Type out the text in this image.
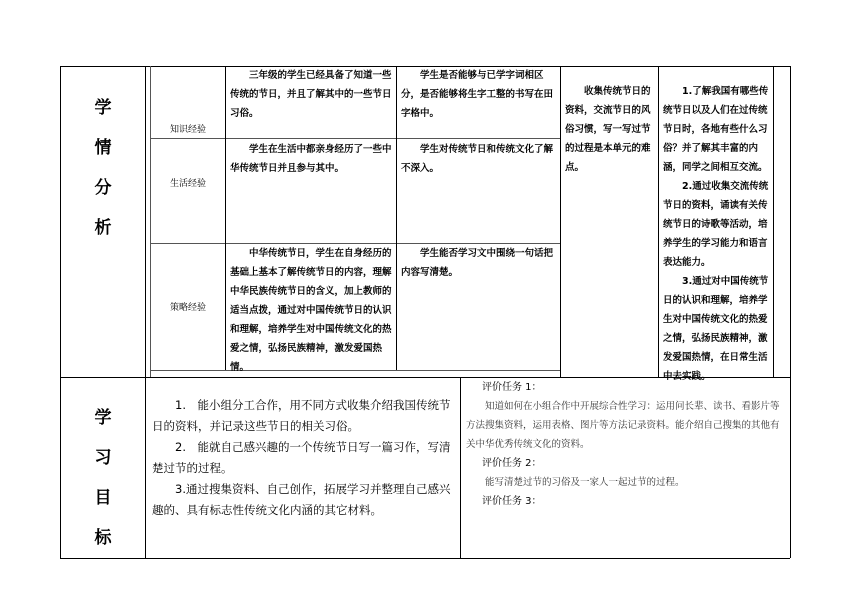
学
情
分
析
知识经验
生活经验
策略经验
三年级的学生已经具备了知道一些传统的节日，并且了解其中的一些节日习俗。
学生在生活中都亲身经历了一些中华传统节日并且参与其中。
中华传统节日，学生在自身经历的基础上基本了解传统节日的内容，理解中华民族传统节日的含义，加上教师的适当点拨，通过对中国传统节日的认识和理解，培养学生对中国传统文化的热爱之情，弘扬民族精神，激发爱国热情。
学生是否能够与已学字词相区分，是否能够将生字工整的书写在田字格中。
学生对传统节日和传统文化了解不深入。
学生能否学习文中围绕一句话把内容写清楚。
收集传统节日的资料，交流节日的风俗习惯，写一写过节的过程是本单元的难点。
1.了解我国有哪些传统节日以及人们在过传统节日时，各地有些什么习俗？并了解其丰富的内涵，同学之间相互交流。
2.通过收集交流传统节日的资料，诵读有关传统节日的诗歌等活动，培养学生的学习能力和语言表达能力。
3.通过对中国传统节日的认识和理解，培养学生对中国传统文化的热爱之情，弘扬民族精神，激发爱国热情，在日常生活中去实践。
学
习
目
标
1.　能小组分工合作，用不同方式收集介绍我国传统节日的资料，并记录这些节日的相关习俗。
2.　能就自己感兴趣的一个传统节日写一篇习作，写清楚过节的过程。
3.通过搜集资料、自己创作，拓展学习并整理自己感兴趣的、具有标志性传统文化内涵的其它材料。
评价任务 1：
知道如何在小组合作中开展综合性学习：运用问长辈、读书、看影片等方法搜集资料，运用表格、图片等方法记录资料。能介绍自己搜集的其他有关中华优秀传统文化的资料。
评价任务 2：
能写清楚过节的习俗及一家人一起过节的过程。
评价任务 3：
